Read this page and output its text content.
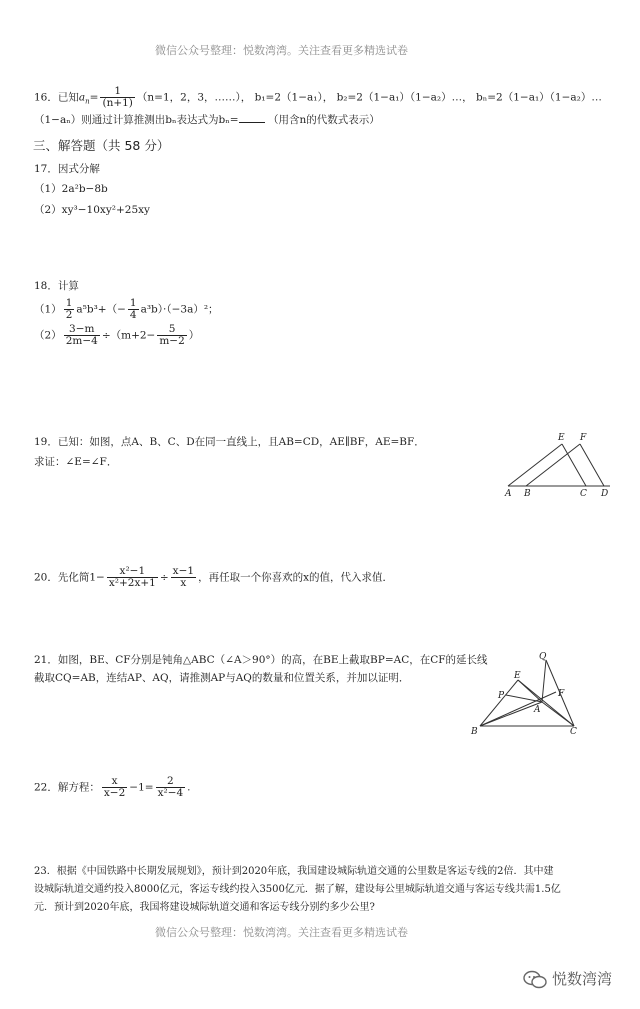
微信公众号整理：悦数湾湾。关注查看更多精选试卷
16．已知$a_n= \frac{1}{(n+1)} (n=1$，2，3，……）， b₁=2（1−a₁）， b₂=2（1−a₁）（1−a₂）…， bₙ=2（1−a₁）（1−a₂）…
（1−aₙ）则通过计算推测出bₙ表达式为bₙ=	（用含n的代数式表示）
三、解答题（共 58 分）
17．因式分解
（1）2a²b−8b
（2）xy³−10xy²+25xy
18．计算
$(1) \frac{1}{2} a^5b^3+(- \frac{1}{4} a^3b)\cdot(-3a)^2$；
$(2) \frac{3-m}{2m-4} \div(m+2- \frac{5}{m-2}$ ）
19．已知：如图，点A、B、C、D在同一直线上，且AB=CD，AE∥BF，AE=BF．
求证：∠E=∠F．
E F
A B	C D
20．先化简$1- \frac{\text{x²−1}}{\text{x²+2x+1}} \div \frac{x-1}{x}$ ，再任取一个你喜欢的x的值，代入求值．
21．如图，BE、CF分别是钝角△ABC（∠A＞90°）的高，在BE上截取BP=AC，在CF的延长线
截取CQ=AB，连结AP、AQ，请推测AP与AQ的数量和位置关系，并加以证明．
Q
E
P	F
A
B	C
22．解方程： $\frac{x}{x-2} -1= \frac{2}{\text{x²−4}}$ .
23．根据《中国铁路中长期发展规划》，预计到2020年底，我国建设城际轨道交通的公里数是客运专线的2倍．其中建
设城际轨道交通约投入8000亿元，客运专线约投入3500亿元．据了解，建设每公里城际轨道交通与客运专线共需1.5亿
元．预计到2020年底，我国将建设城际轨道交通和客运专线分别约多少公里?
微信公众号整理：悦数湾湾。关注查看更多精选试卷
悦数湾湾
